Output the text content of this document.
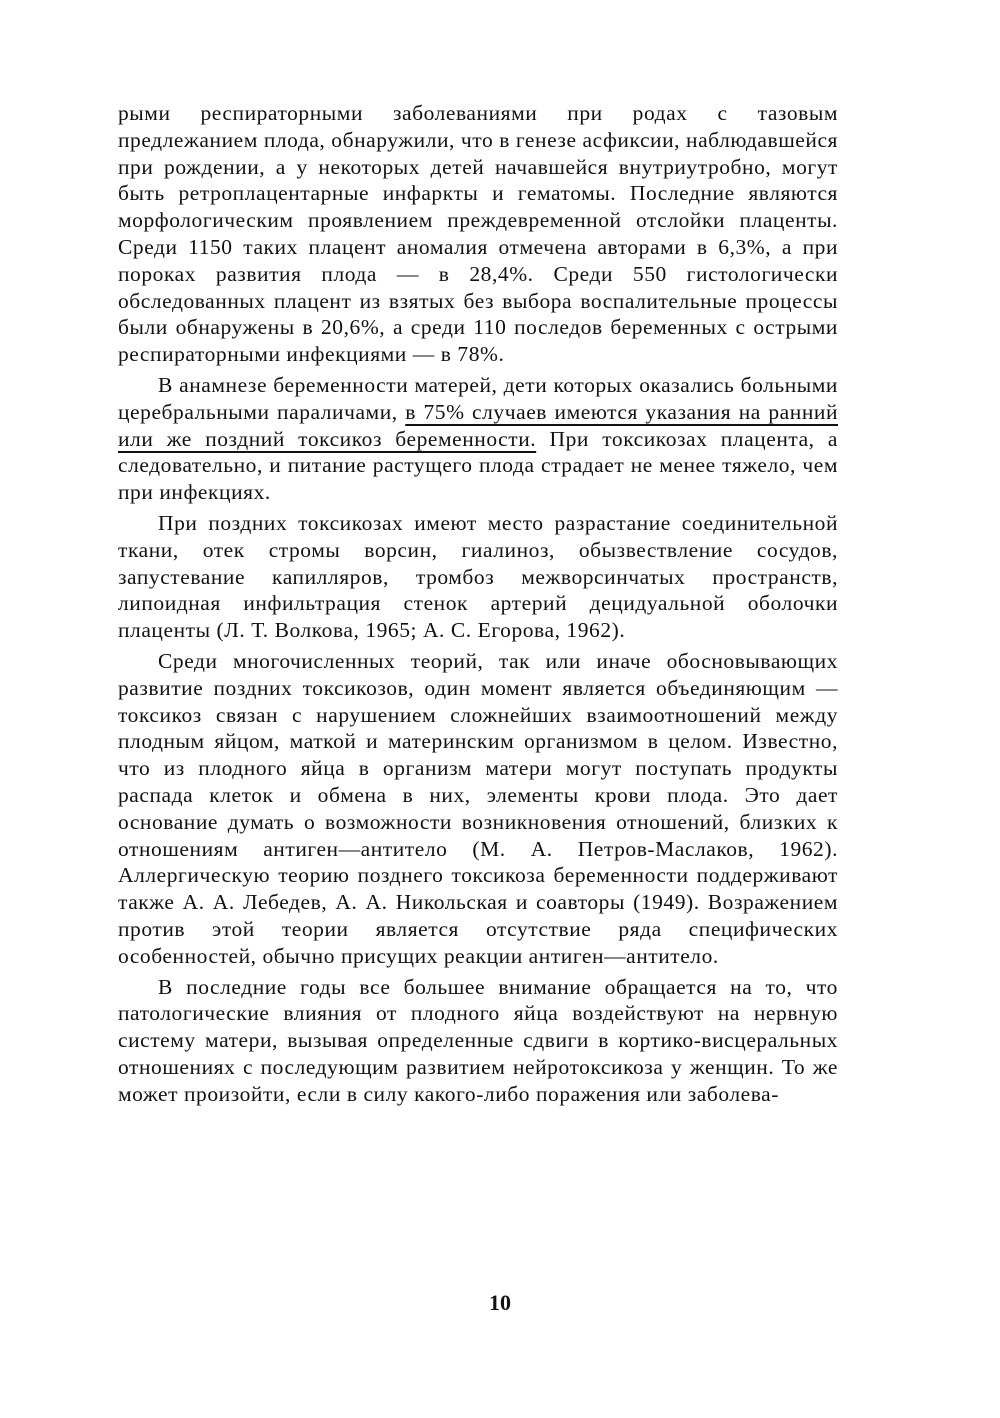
рыми респираторными заболеваниями при родах с тазовым предлежанием плода, обнаружили, что в генезе асфиксии, наблюдавшейся при рождении, а у некоторых детей начавшейся внутриутробно, могут быть ретроплацентарные инфаркты и гематомы. Последние являются морфологическим проявлением преждевременной отслойки плаценты. Среди 1150 таких плацент аномалия отмечена авторами в 6,3%, а при пороках развития плода — в 28,4%. Среди 550 гистологически обследованных плацент из взятых без выбора воспалительные процессы были обнаружены в 20,6%, а среди 110 последов беременных с острыми респираторными инфекциями — в 78%.

В анамнезе беременности матерей, дети которых оказались больными церебральными параличами, в 75% случаев имеются указания на ранний или же поздний токсикоз беременности. При токсикозах плацента, а следовательно, и питание растущего плода страдает не менее тяжело, чем при инфекциях.

При поздних токсикозах имеют место разрастание соединительной ткани, отек стромы ворсин, гиалиноз, обызвествление сосудов, запустевание капилляров, тромбоз межворсинчатых пространств, липоидная инфильтрация стенок артерий децидуальной оболочки плаценты (Л. Т. Волкова, 1965; А. С. Егорова, 1962).

Среди многочисленных теорий, так или иначе обосновывающих развитие поздних токсикозов, один момент является объединяющим — токсикоз связан с нарушением сложнейших взаимоотношений между плодным яйцом, маткой и материнским организмом в целом. Известно, что из плодного яйца в организм матери могут поступать продукты распада клеток и обмена в них, элементы крови плода. Это дает основание думать о возможности возникновения отношений, близких к отношениям антиген—антитело (М. А. Петров-Маслаков, 1962). Аллергическую теорию позднего токсикоза беременности поддерживают также А. А. Лебедев, А. А. Никольская и соавторы (1949). Возражением против этой теории является отсутствие ряда специфических особенностей, обычно присущих реакции антиген—антитело.

В последние годы все большее внимание обращается на то, что патологические влияния от плодного яйца воздействуют на нервную систему матери, вызывая определенные сдвиги в кортико-висцеральных отношениях с последующим развитием нейротоксикоза у женщин. То же может произойти, если в силу какого-либо поражения или заболева-

10
